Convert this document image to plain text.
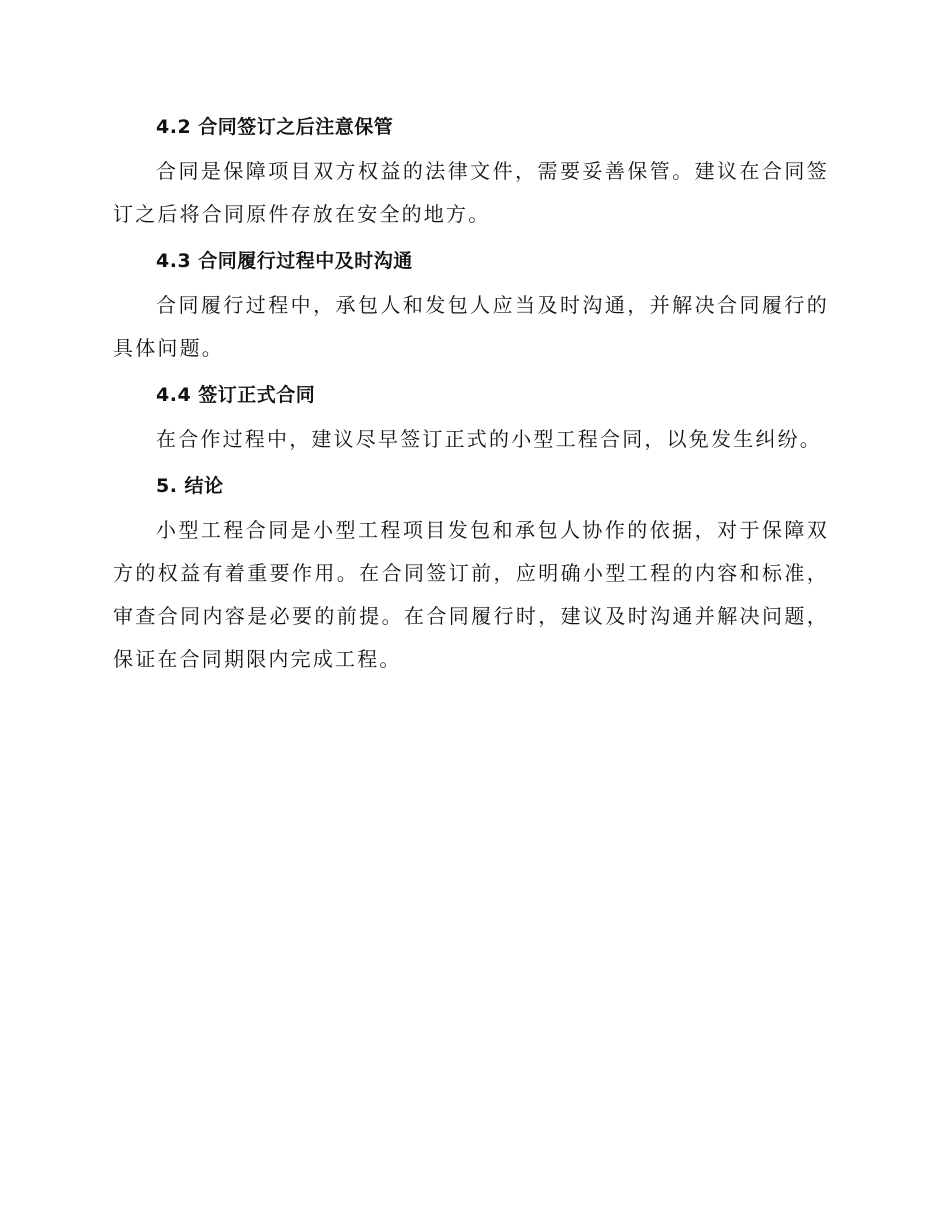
4.2 合同签订之后注意保管

合同是保障项目双方权益的法律文件，需要妥善保管。建议在合同签订之后将合同原件存放在安全的地方。

4.3 合同履行过程中及时沟通

合同履行过程中，承包人和发包人应当及时沟通，并解决合同履行的具体问题。

4.4 签订正式合同

在合作过程中，建议尽早签订正式的小型工程合同，以免发生纠纷。

5. 结论

小型工程合同是小型工程项目发包和承包人协作的依据，对于保障双方的权益有着重要作用。在合同签订前，应明确小型工程的内容和标准，审查合同内容是必要的前提。在合同履行时，建议及时沟通并解决问题，保证在合同期限内完成工程。
